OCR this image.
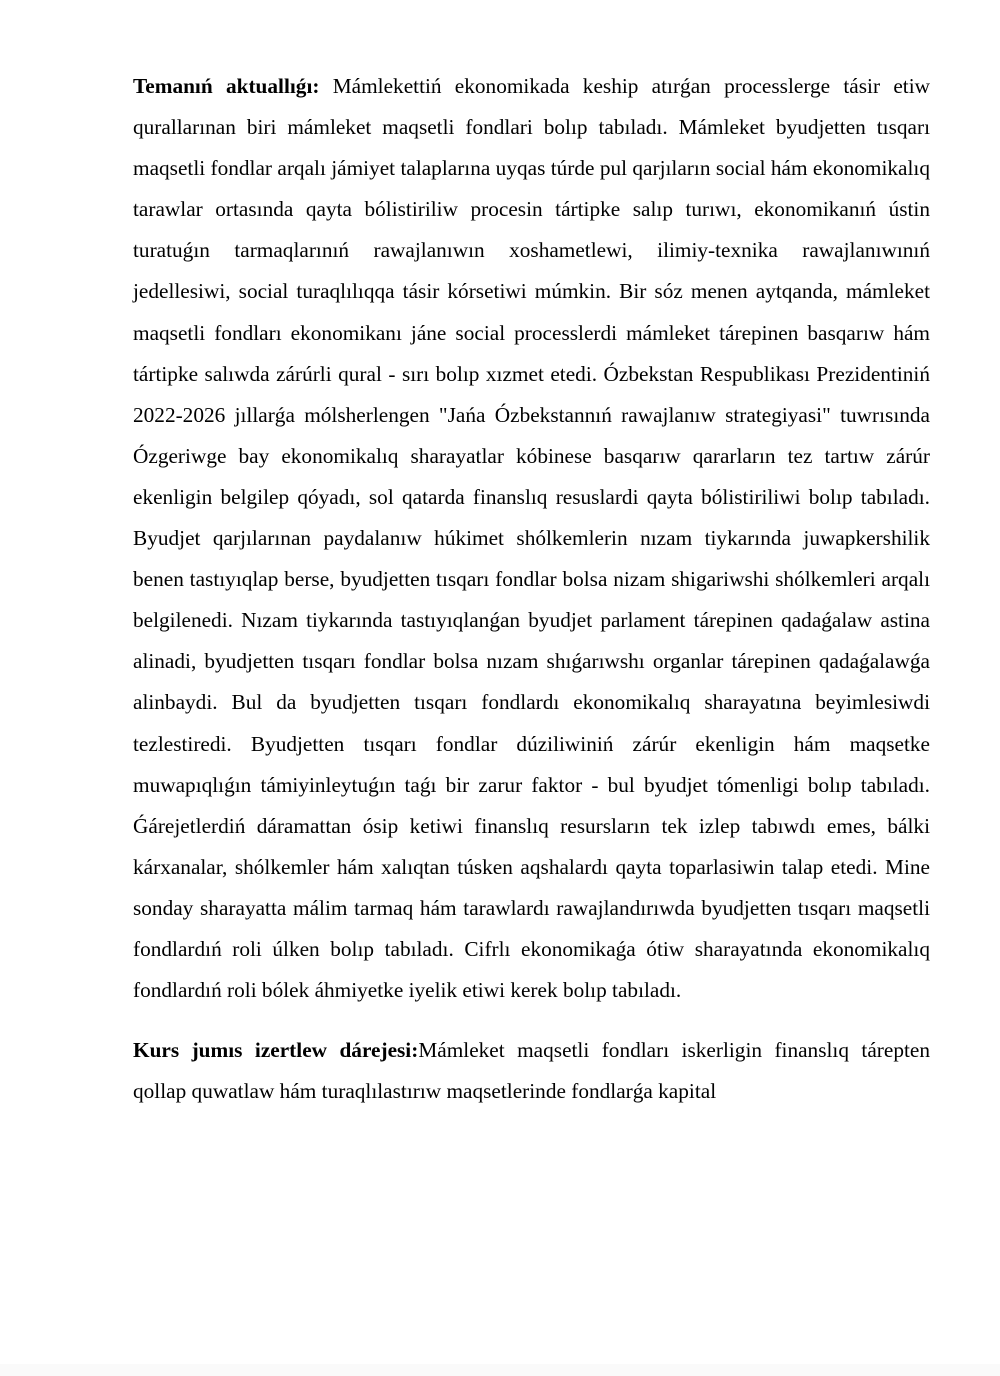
Temanıń aktuallıǵı: Mámlekettiń ekonomikada keship atırǵan processlerge tásir etiw qurallarınan biri mámleket maqsetli fondlari bolıp tabıladı. Mámleket byudjetten tısqarı maqsetli fondlar arqalı jámiyet talaplarına uyqas túrde pul qarjıların social hám ekonomikalıq tarawlar ortasında qayta bólistiriliw procesin tártipke salıp turıwı, ekonomikanıń ústin turatuǵın tarmaqlarınıń rawajlanıwın xoshametlewi, ilimiy-texnika rawajlanıwınıń jedellesiwi, social turaqlılıqqa tásir kórsetiwi múmkin. Bir sóz menen aytqanda, mámleket maqsetli fondları ekonomikanı jáne social processlerdi mámleket tárepinen basqarıw hám tártipke salıwda zárúrli qural - sırı bolıp xızmet etedi. Ózbekstan Respublikası Prezidentiniń 2022-2026 jıllarǵa mólsherlengen "Jańa Ózbekstannıń rawajlanıw strategiyasi" tuwrısında Ózgeriwge bay ekonomikalıq sharayatlar kóbinese basqarıw qararların tez tartıw zárúr ekenligin belgilep qóyadı, sol qatarda finanslıq resuslardi qayta bólistiriliwi bolıp tabıladı. Byudjet qarjılarınan paydalanıw húkimet shólkemlerin nızam tiykarında juwapkershilik benen tastıyıqlap berse, byudjetten tısqarı fondlar bolsa nizam shigariwshi shólkemleri arqalı belgilenedi. Nızam tiykarında tastıyıqlanǵan byudjet parlament tárepinen qadaǵalaw astina alinadi, byudjetten tısqarı fondlar bolsa nızam shıǵarıwshı organlar tárepinen qadaǵalawǵa alinbaydi. Bul da byudjetten tısqarı fondlardı ekonomikalıq sharayatına beyimlesiwdi tezlestiredi. Byudjetten tısqarı fondlar dúziliwiniń zárúr ekenligin hám maqsetke muwapıqlıǵın támiyinleytuǵın taǵı bir zarur faktor - bul byudjet tómenligi bolıp tabıladı. Ǵárejetlerdiń dáramattan ósip ketiwi finanslıq resursların tek izlep tabıwdı emes, bálki kárxanalar, shólkemler hám xalıqtan túsken aqshalardı qayta toparlasiwin talap etedi. Mine sonday sharayatta málim tarmaq hám tarawlardı rawajlandırıwda byudjetten tısqarı maqsetli fondlardıń roli úlken bolıp tabıladı. Cifrlı ekonomikaǵa ótiw sharayatında ekonomikalıq fondlardıń roli bólek áhmiyetke iyelik etiwi kerek bolıp tabıladı.

Kurs jumıs izertlew dárejesi:Mámleket maqsetli fondları iskerligin finanslıq tárepten qollap quwatlaw hám turaqlılastırıw maqsetlerinde fondlarǵa kapital
